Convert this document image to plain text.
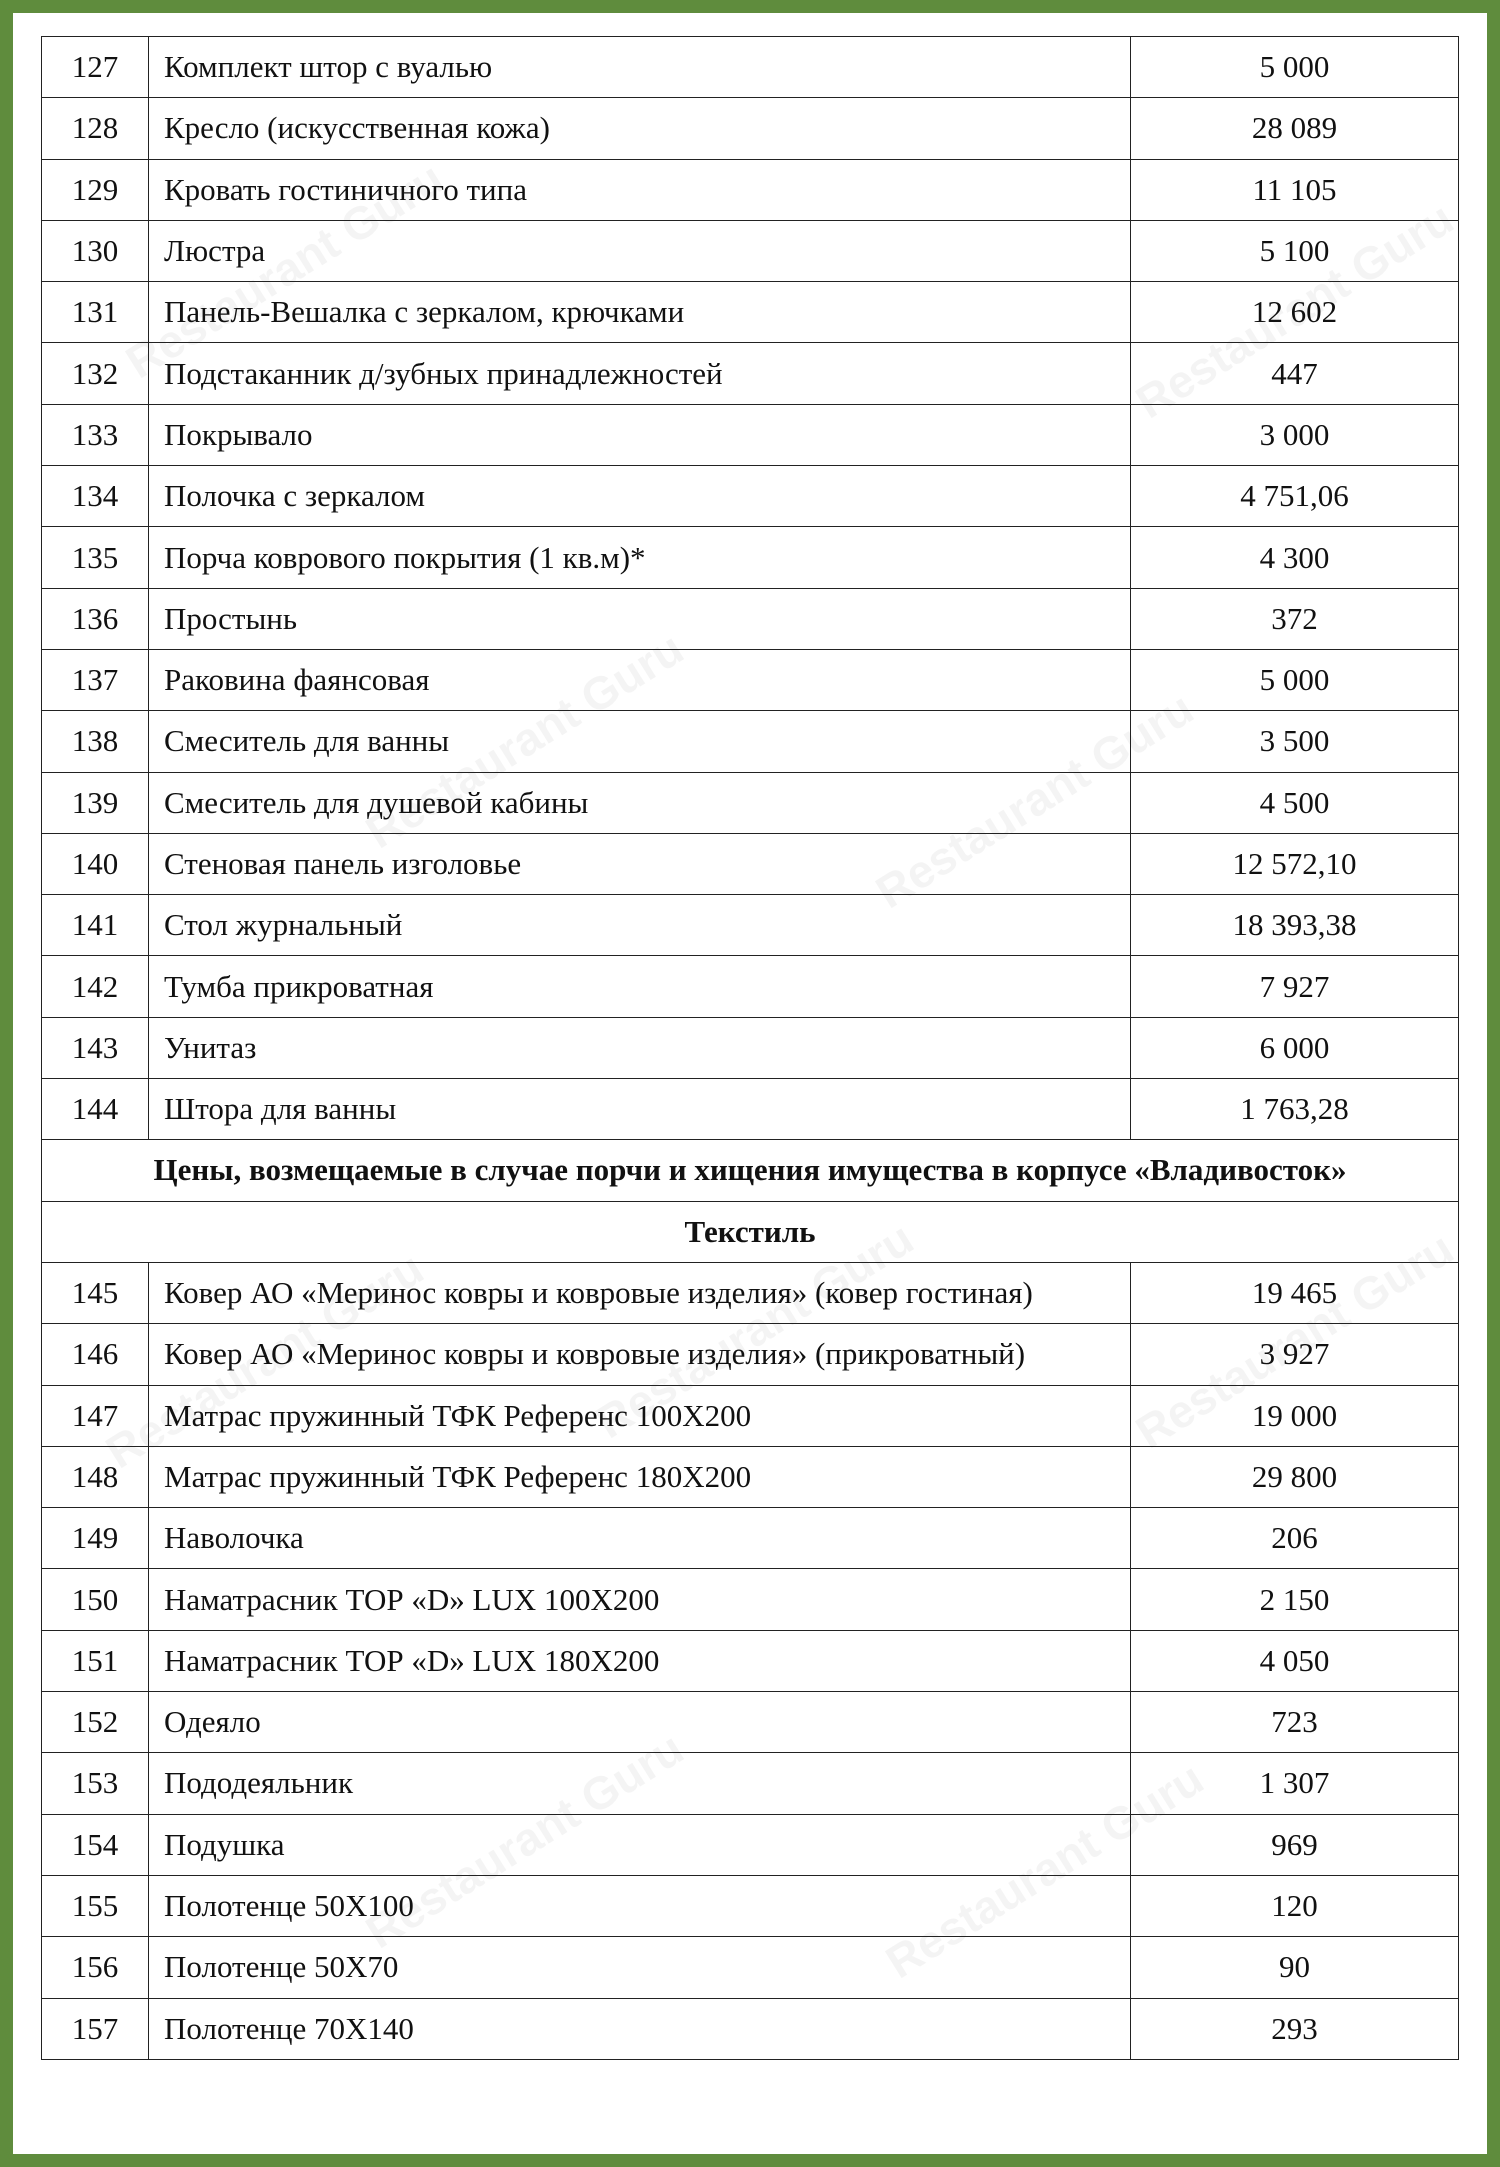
127	Комплект штор с вуалью	5 000
128	Кресло (искусственная кожа)	28 089
129	Кровать гостиничного типа	11 105
130	Люстра	5 100
131	Панель-Вешалка с зеркалом, крючками	12 602
132	Подстаканник д/зубных принадлежностей	447
133	Покрывало	3 000
134	Полочка с зеркалом	4 751,06
135	Порча коврового покрытия (1 кв.м)*	4 300
136	Простынь	372
137	Раковина фаянсовая	5 000
138	Смеситель для ванны	3 500
139	Смеситель для душевой кабины	4 500
140	Стеновая панель изголовье	12 572,10
141	Стол журнальный	18 393,38
142	Тумба прикроватная	7 927
143	Унитаз	6 000
144	Штора для ванны	1 763,28
Цены, возмещаемые в случае порчи и хищения имущества в корпусе «Владивосток»		
Текстиль		
145	Ковер АО «Меринос ковры и ковровые изделия» (ковер гостиная)	19 465
146	Ковер АО «Меринос ковры и ковровые изделия» (прикроватный)	3 927
147	Матрас пружинный ТФК Референс 100Х200	19 000
148	Матрас пружинный ТФК Референс 180Х200	29 800
149	Наволочка	206
150	Наматрасник ТОР «D» LUX 100Х200	2 150
151	Наматрасник ТОР «D» LUX 180Х200	4 050
152	Одеяло	723
153	Пододеяльник	1 307
154	Подушка	969
155	Полотенце 50Х100	120
156	Полотенце 50Х70	90
157	Полотенце 70Х140	293
